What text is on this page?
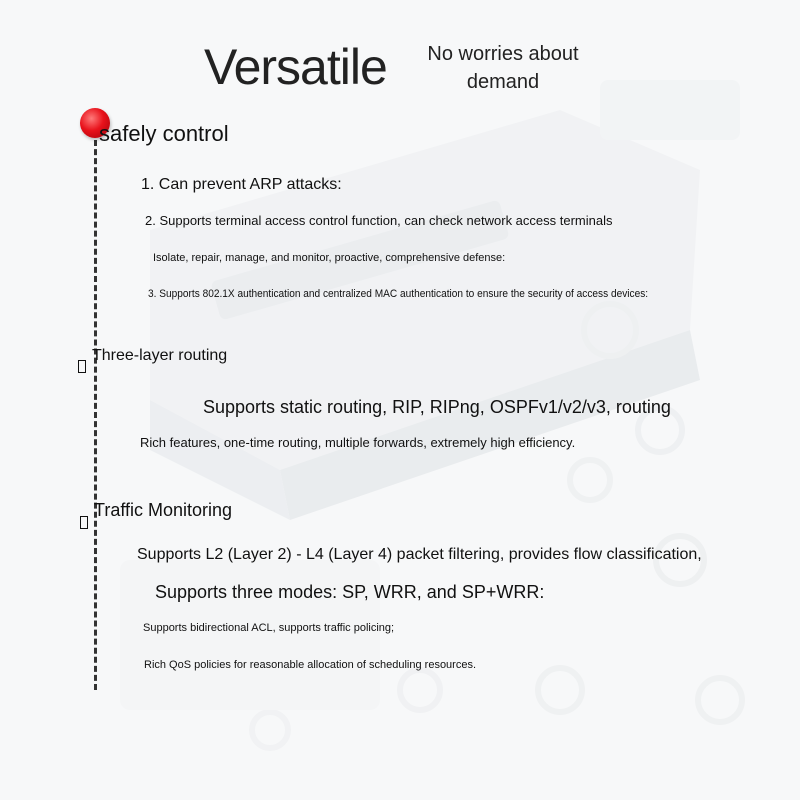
Versatile	No worries about demand
safely control
1. Can prevent ARP attacks:
2. Supports terminal access control function, can check network access terminals
Isolate, repair, manage, and monitor, proactive, comprehensive defense:
3. Supports 802.1X authentication and centralized MAC authentication to ensure the security of access devices:
Three-layer routing
Supports static routing, RIP, RIPng, OSPFv1/v2/v3, routing
Rich features, one-time routing, multiple forwards, extremely high efficiency.
Traffic Monitoring
Supports L2 (Layer 2) - L4 (Layer 4) packet filtering, provides flow classification,
Supports three modes: SP, WRR, and SP+WRR:
Supports bidirectional ACL, supports traffic policing;
Rich QoS policies for reasonable allocation of scheduling resources.
